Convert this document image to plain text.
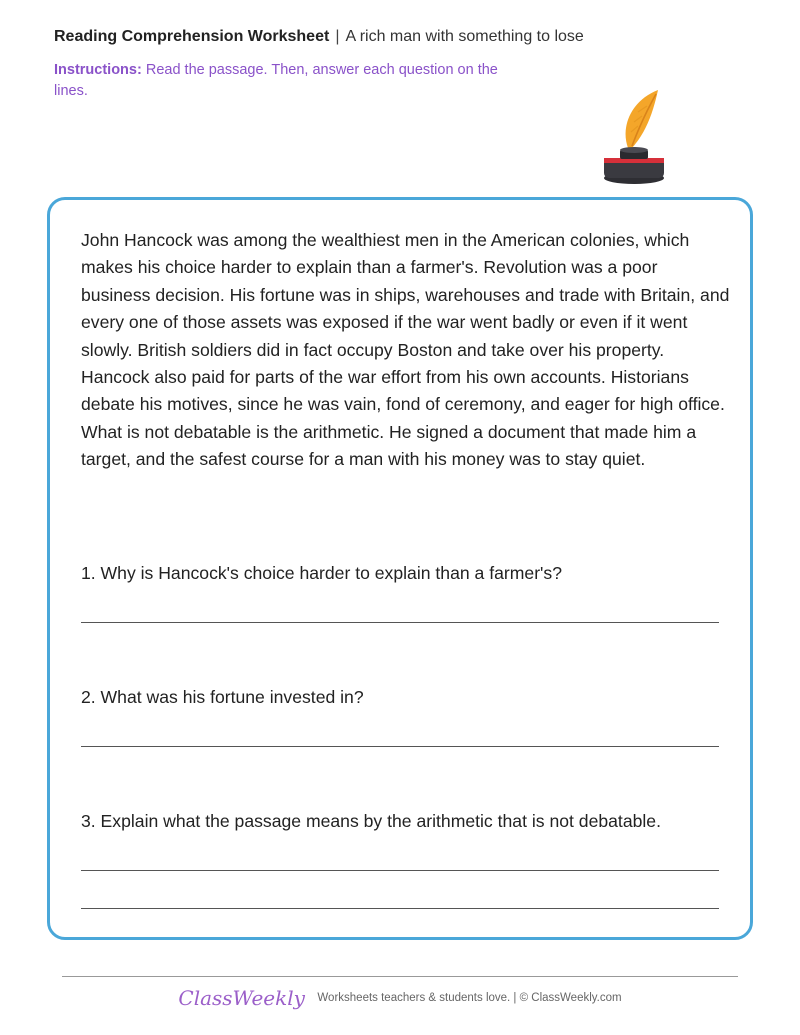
Reading Comprehension Worksheet | A rich man with something to lose
Instructions: Read the passage. Then, answer each question on the lines.

John Hancock was among the wealthiest men in the American colonies, which makes his choice harder to explain than a farmer's. Revolution was a poor business decision. His fortune was in ships, warehouses and trade with Britain, and every one of those assets was exposed if the war went badly or even if it went slowly. British soldiers did in fact occupy Boston and take over his property. Hancock also paid for parts of the war effort from his own accounts. Historians debate his motives, since he was vain, fond of ceremony, and eager for high office. What is not debatable is the arithmetic. He signed a document that made him a target, and the safest course for a man with his money was to stay quiet.

1. Why is Hancock's choice harder to explain than a farmer's?
2. What was his fortune invested in?
3. Explain what the passage means by the arithmetic that is not debatable.
ClassWeekly Worksheets teachers & students love. | © ClassWeekly.com
